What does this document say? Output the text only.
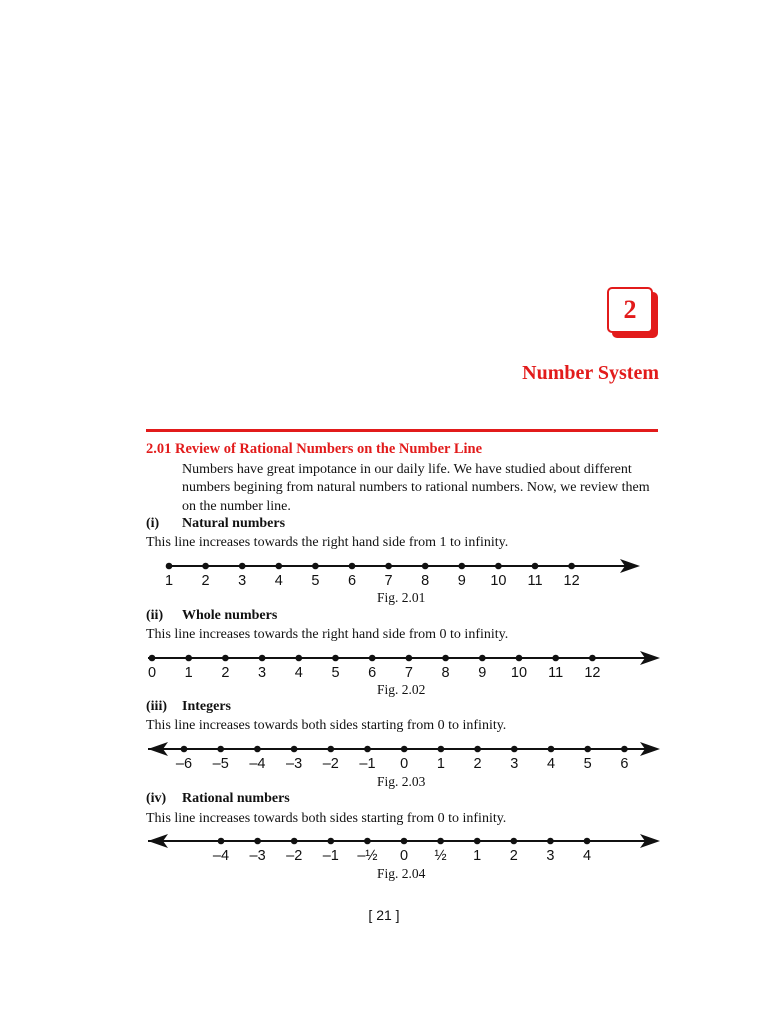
2
Number System
2.01 Review of Rational Numbers on the Number Line
Numbers have great impotance in our daily life. We have studied about different
numbers begining from natural numbers to rational numbers. Now, we review them
on the number line.
(i) Natural numbers
This line increases towards the right hand side from 1 to infinity.
1 2 3 4 5 6 7 8 9 10 11 12
Fig. 2.01
(ii) Whole numbers
This line increases towards the right hand side from 0 to infinity.
0 1 2 3 4 5 6 7 8 9 10 11 12
Fig. 2.02
(iii) Integers
This line increases towards both sides starting from 0 to infinity.
–6 –5 –4 –3 –2 –1 0 1 2 3 4 5 6
Fig. 2.03
(iv) Rational numbers
This line increases towards both sides starting from 0 to infinity.
–4 –3 –2 –1 –½ 0 ½ 1 2 3 4
Fig. 2.04
[ 21 ]
